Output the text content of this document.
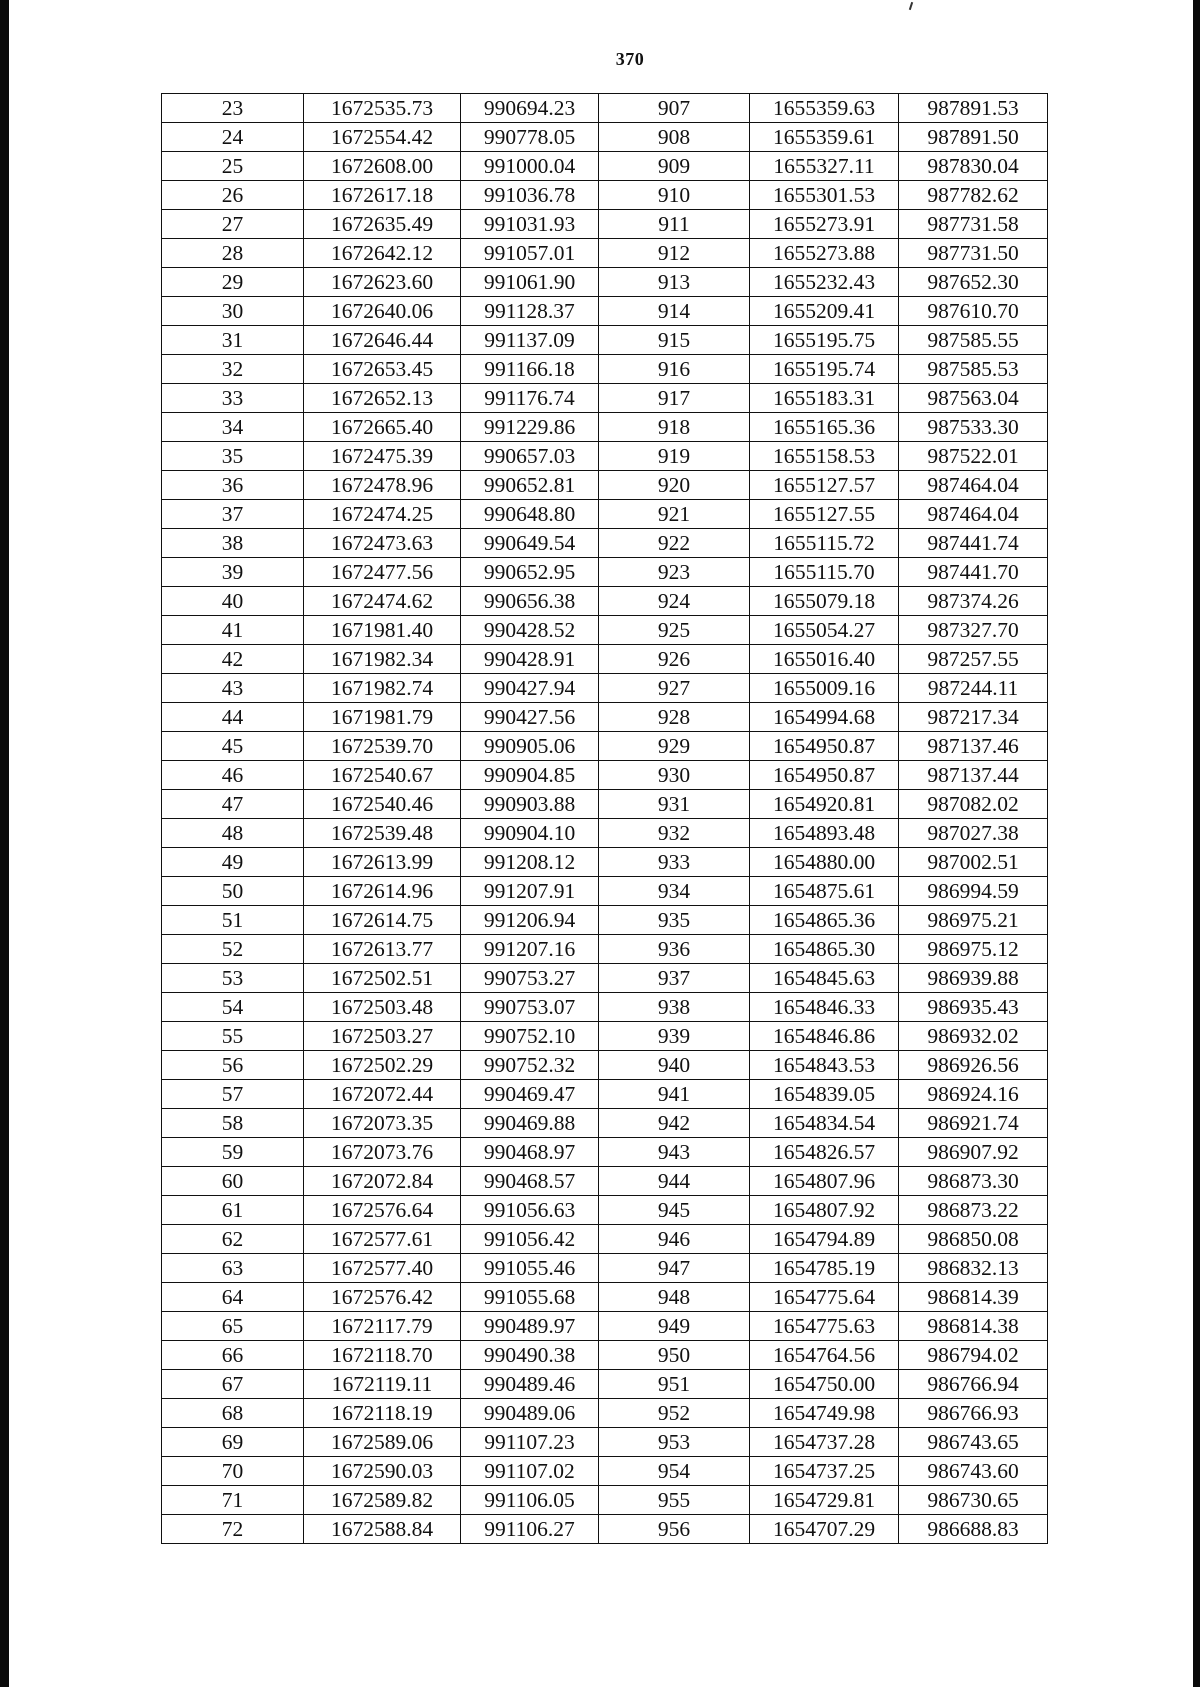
370
23	1672535.73	990694.23	907	1655359.63	987891.53
24	1672554.42	990778.05	908	1655359.61	987891.50
25	1672608.00	991000.04	909	1655327.11	987830.04
26	1672617.18	991036.78	910	1655301.53	987782.62
27	1672635.49	991031.93	911	1655273.91	987731.58
28	1672642.12	991057.01	912	1655273.88	987731.50
29	1672623.60	991061.90	913	1655232.43	987652.30
30	1672640.06	991128.37	914	1655209.41	987610.70
31	1672646.44	991137.09	915	1655195.75	987585.55
32	1672653.45	991166.18	916	1655195.74	987585.53
33	1672652.13	991176.74	917	1655183.31	987563.04
34	1672665.40	991229.86	918	1655165.36	987533.30
35	1672475.39	990657.03	919	1655158.53	987522.01
36	1672478.96	990652.81	920	1655127.57	987464.04
37	1672474.25	990648.80	921	1655127.55	987464.04
38	1672473.63	990649.54	922	1655115.72	987441.74
39	1672477.56	990652.95	923	1655115.70	987441.70
40	1672474.62	990656.38	924	1655079.18	987374.26
41	1671981.40	990428.52	925	1655054.27	987327.70
42	1671982.34	990428.91	926	1655016.40	987257.55
43	1671982.74	990427.94	927	1655009.16	987244.11
44	1671981.79	990427.56	928	1654994.68	987217.34
45	1672539.70	990905.06	929	1654950.87	987137.46
46	1672540.67	990904.85	930	1654950.87	987137.44
47	1672540.46	990903.88	931	1654920.81	987082.02
48	1672539.48	990904.10	932	1654893.48	987027.38
49	1672613.99	991208.12	933	1654880.00	987002.51
50	1672614.96	991207.91	934	1654875.61	986994.59
51	1672614.75	991206.94	935	1654865.36	986975.21
52	1672613.77	991207.16	936	1654865.30	986975.12
53	1672502.51	990753.27	937	1654845.63	986939.88
54	1672503.48	990753.07	938	1654846.33	986935.43
55	1672503.27	990752.10	939	1654846.86	986932.02
56	1672502.29	990752.32	940	1654843.53	986926.56
57	1672072.44	990469.47	941	1654839.05	986924.16
58	1672073.35	990469.88	942	1654834.54	986921.74
59	1672073.76	990468.97	943	1654826.57	986907.92
60	1672072.84	990468.57	944	1654807.96	986873.30
61	1672576.64	991056.63	945	1654807.92	986873.22
62	1672577.61	991056.42	946	1654794.89	986850.08
63	1672577.40	991055.46	947	1654785.19	986832.13
64	1672576.42	991055.68	948	1654775.64	986814.39
65	1672117.79	990489.97	949	1654775.63	986814.38
66	1672118.70	990490.38	950	1654764.56	986794.02
67	1672119.11	990489.46	951	1654750.00	986766.94
68	1672118.19	990489.06	952	1654749.98	986766.93
69	1672589.06	991107.23	953	1654737.28	986743.65
70	1672590.03	991107.02	954	1654737.25	986743.60
71	1672589.82	991106.05	955	1654729.81	986730.65
72	1672588.84	991106.27	956	1654707.29	986688.83
